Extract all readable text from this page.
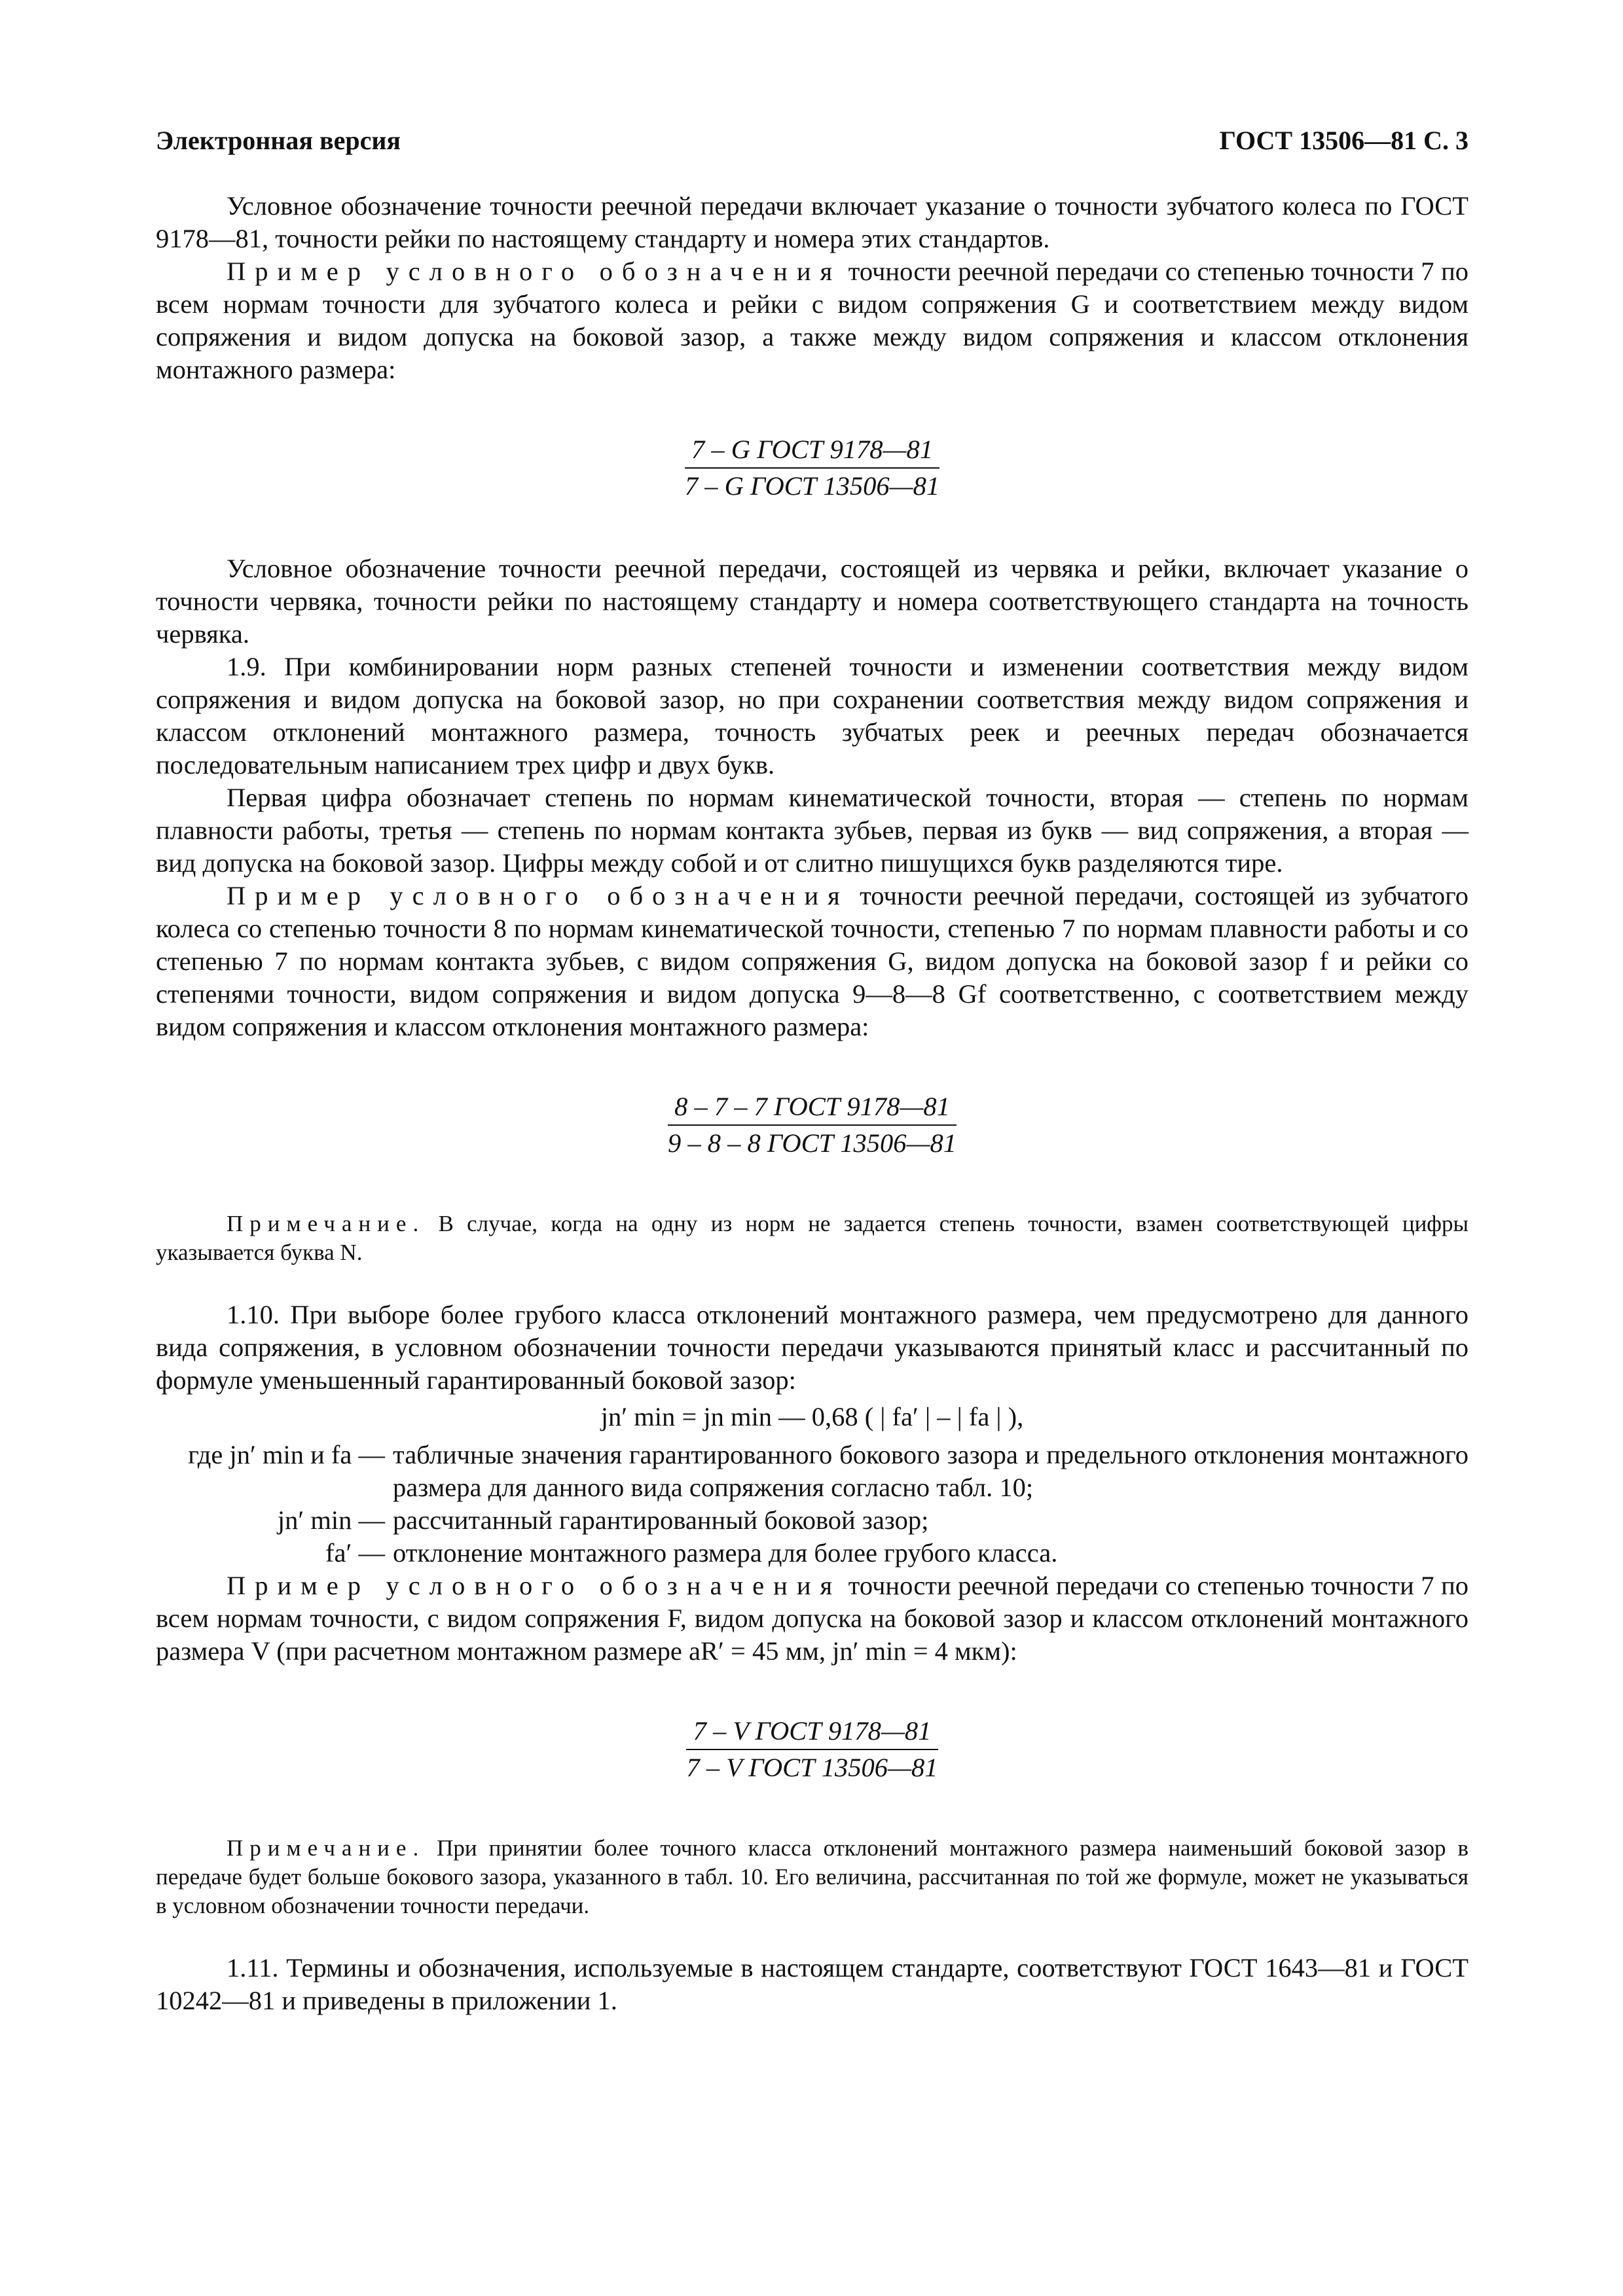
Электронная версия	ГОСТ 13506—81 С. 3

Условное обозначение точности реечной передачи включает указание о точности зубчатого колеса по ГОСТ 9178—81, точности рейки по настоящему стандарту и номера этих стандартов.

Пример условного обозначения точности реечной передачи со степенью точности 7 по всем нормам точности для зубчатого колеса и рейки с видом сопряжения G и соответствием между видом сопряжения и видом допуска на боковой зазор, а также между видом сопряжения и классом отклонения монтажного размера:

$\frac{\text{7 – G ГОСТ 9178—81}}{\text{7 – G ГОСТ 13506—81}}$

Условное обозначение точности реечной передачи, состоящей из червяка и рейки, включает указание о точности червяка, точности рейки по настоящему стандарту и номера соответствующего стандарта на точность червяка.

1.9. При комбинировании норм разных степеней точности и изменении соответствия между видом сопряжения и видом допуска на боковой зазор, но при сохранении соответствия между видом сопряжения и классом отклонений монтажного размера, точность зубчатых реек и реечных передач обозначается последовательным написанием трех цифр и двух букв.

Первая цифра обозначает степень по нормам кинематической точности, вторая — степень по нормам плавности работы, третья — степень по нормам контакта зубьев, первая из букв — вид сопряжения, а вторая — вид допуска на боковой зазор. Цифры между собой и от слитно пишущихся букв разделяются тире.

Пример условного обозначения точности реечной передачи, состоящей из зубчатого колеса со степенью точности 8 по нормам кинематической точности, степенью 7 по нормам плавности работы и со степенью 7 по нормам контакта зубьев, с видом сопряжения G, видом допуска на боковой зазор f и рейки со степенями точности, видом сопряжения и видом допуска 9—8—8 Gf соответственно, с соответствием между видом сопряжения и классом отклонения монтажного размера:

$\frac{\text{8 – 7 – 7 ГОСТ 9178—81}}{\text{9 – 8 – 8 ГОСТ 13506—81}}$

Примечание. В случае, когда на одну из норм не задается степень точности, взамен соответствующей цифры указывается буква N.

1.10. При выборе более грубого класса отклонений монтажного размера, чем предусмотрено для данного вида сопряжения, в условном обозначении точности передачи указываются принятый класс и рассчитанный по формуле уменьшенный гарантированный боковой зазор:

jn′ min = jn min — 0,68 ( | fa′ | – | fa | ),
где jn′ min и fa — табличные значения гарантированного бокового зазора и предельного отклонения монтажного размера для данного вида сопряжения согласно табл. 10;
jn′ min — рассчитанный гарантированный боковой зазор;
fa′ — отклонение монтажного размера для более грубого класса.

Пример условного обозначения точности реечной передачи со степенью точности 7 по всем нормам точности, с видом сопряжения F, видом допуска на боковой зазор и классом отклонений монтажного размера V (при расчетном монтажном размере aR′ = 45 мм, jn′ min = 4 мкм):

$\frac{\text{7 – V ГОСТ 9178—81}}{\text{7 – V ГОСТ 13506—81}}$

Примечание. При принятии более точного класса отклонений монтажного размера наименьший боковой зазор в передаче будет больше бокового зазора, указанного в табл. 10. Его величина, рассчитанная по той же формуле, может не указываться в условном обозначении точности передачи.

1.11. Термины и обозначения, используемые в настоящем стандарте, соответствуют ГОСТ 1643—81 и ГОСТ 10242—81 и приведены в приложении 1.
